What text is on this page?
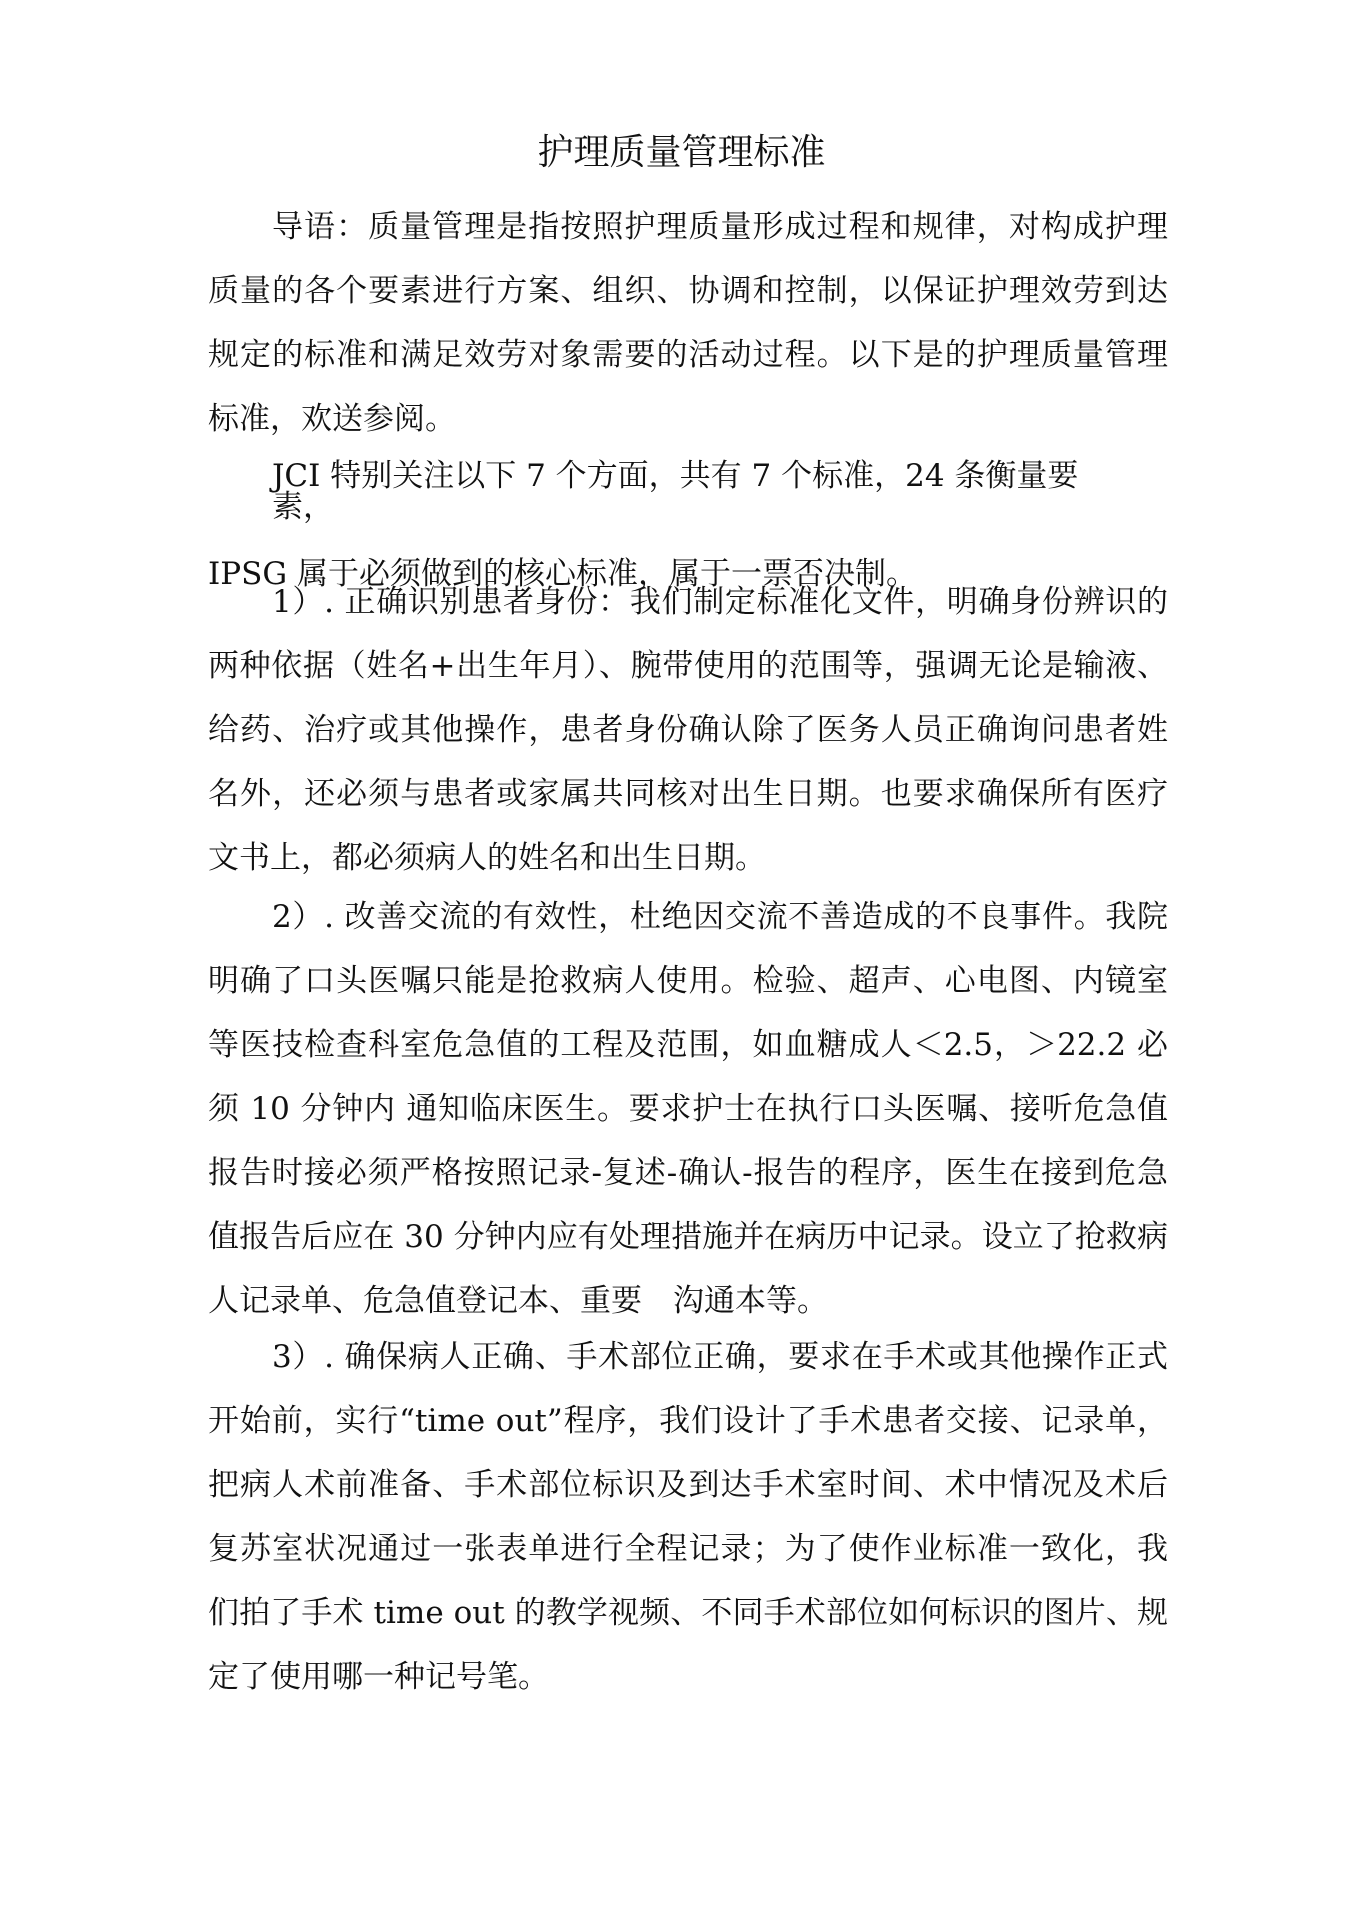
护理质量管理标准

导语：质量管理是指按照护理质量形成过程和规律，对构成护理质量的各个要素进行方案、组织、协调和控制，以保证护理效劳到达规定的标准和满足效劳对象需要的活动过程。以下是的护理质量管理标准，欢送参阅。

JCI 特别关注以下 7 个方面，共有 7 个标准，24 条衡量要
素，
IPSG 属于必须做到的核心标准，属于一票否决制。

1）. 正确识别患者身份：我们制定标准化文件，明确身份辨识的两种依据（姓名+出生年月）、腕带使用的范围等，强调无论是输液、给药、治疗或其他操作，患者身份确认除了医务人员正确询问患者姓名外，还必须与患者或家属共同核对出生日期。也要求确保所有医疗文书上，都必须病人的姓名和出生日期。

2）. 改善交流的有效性，杜绝因交流不善造成的不良事件。我院明确了口头医嘱只能是抢救病人使用。检验、超声、心电图、内镜室等医技检查科室危急值的工程及范围，如血糖成人＜2.5，＞22.2 必须 10 分钟内 通知临床医生。要求护士在执行口头医嘱、接听危急值报告时接必须严格按照记录-复述-确认-报告的程序，医生在接到危急值报告后应在 30 分钟内应有处理措施并在病历中记录。设立了抢救病人记录单、危急值登记本、重要　沟通本等。

3）. 确保病人正确、手术部位正确，要求在手术或其他操作正式开始前，实行“time out”程序，我们设计了手术患者交接、记录单，把病人术前准备、手术部位标识及到达手术室时间、术中情况及术后复苏室状况通过一张表单进行全程记录；为了使作业标准一致化，我们拍了手术 time out 的教学视频、不同手术部位如何标识的图片、规定了使用哪一种记号笔。
